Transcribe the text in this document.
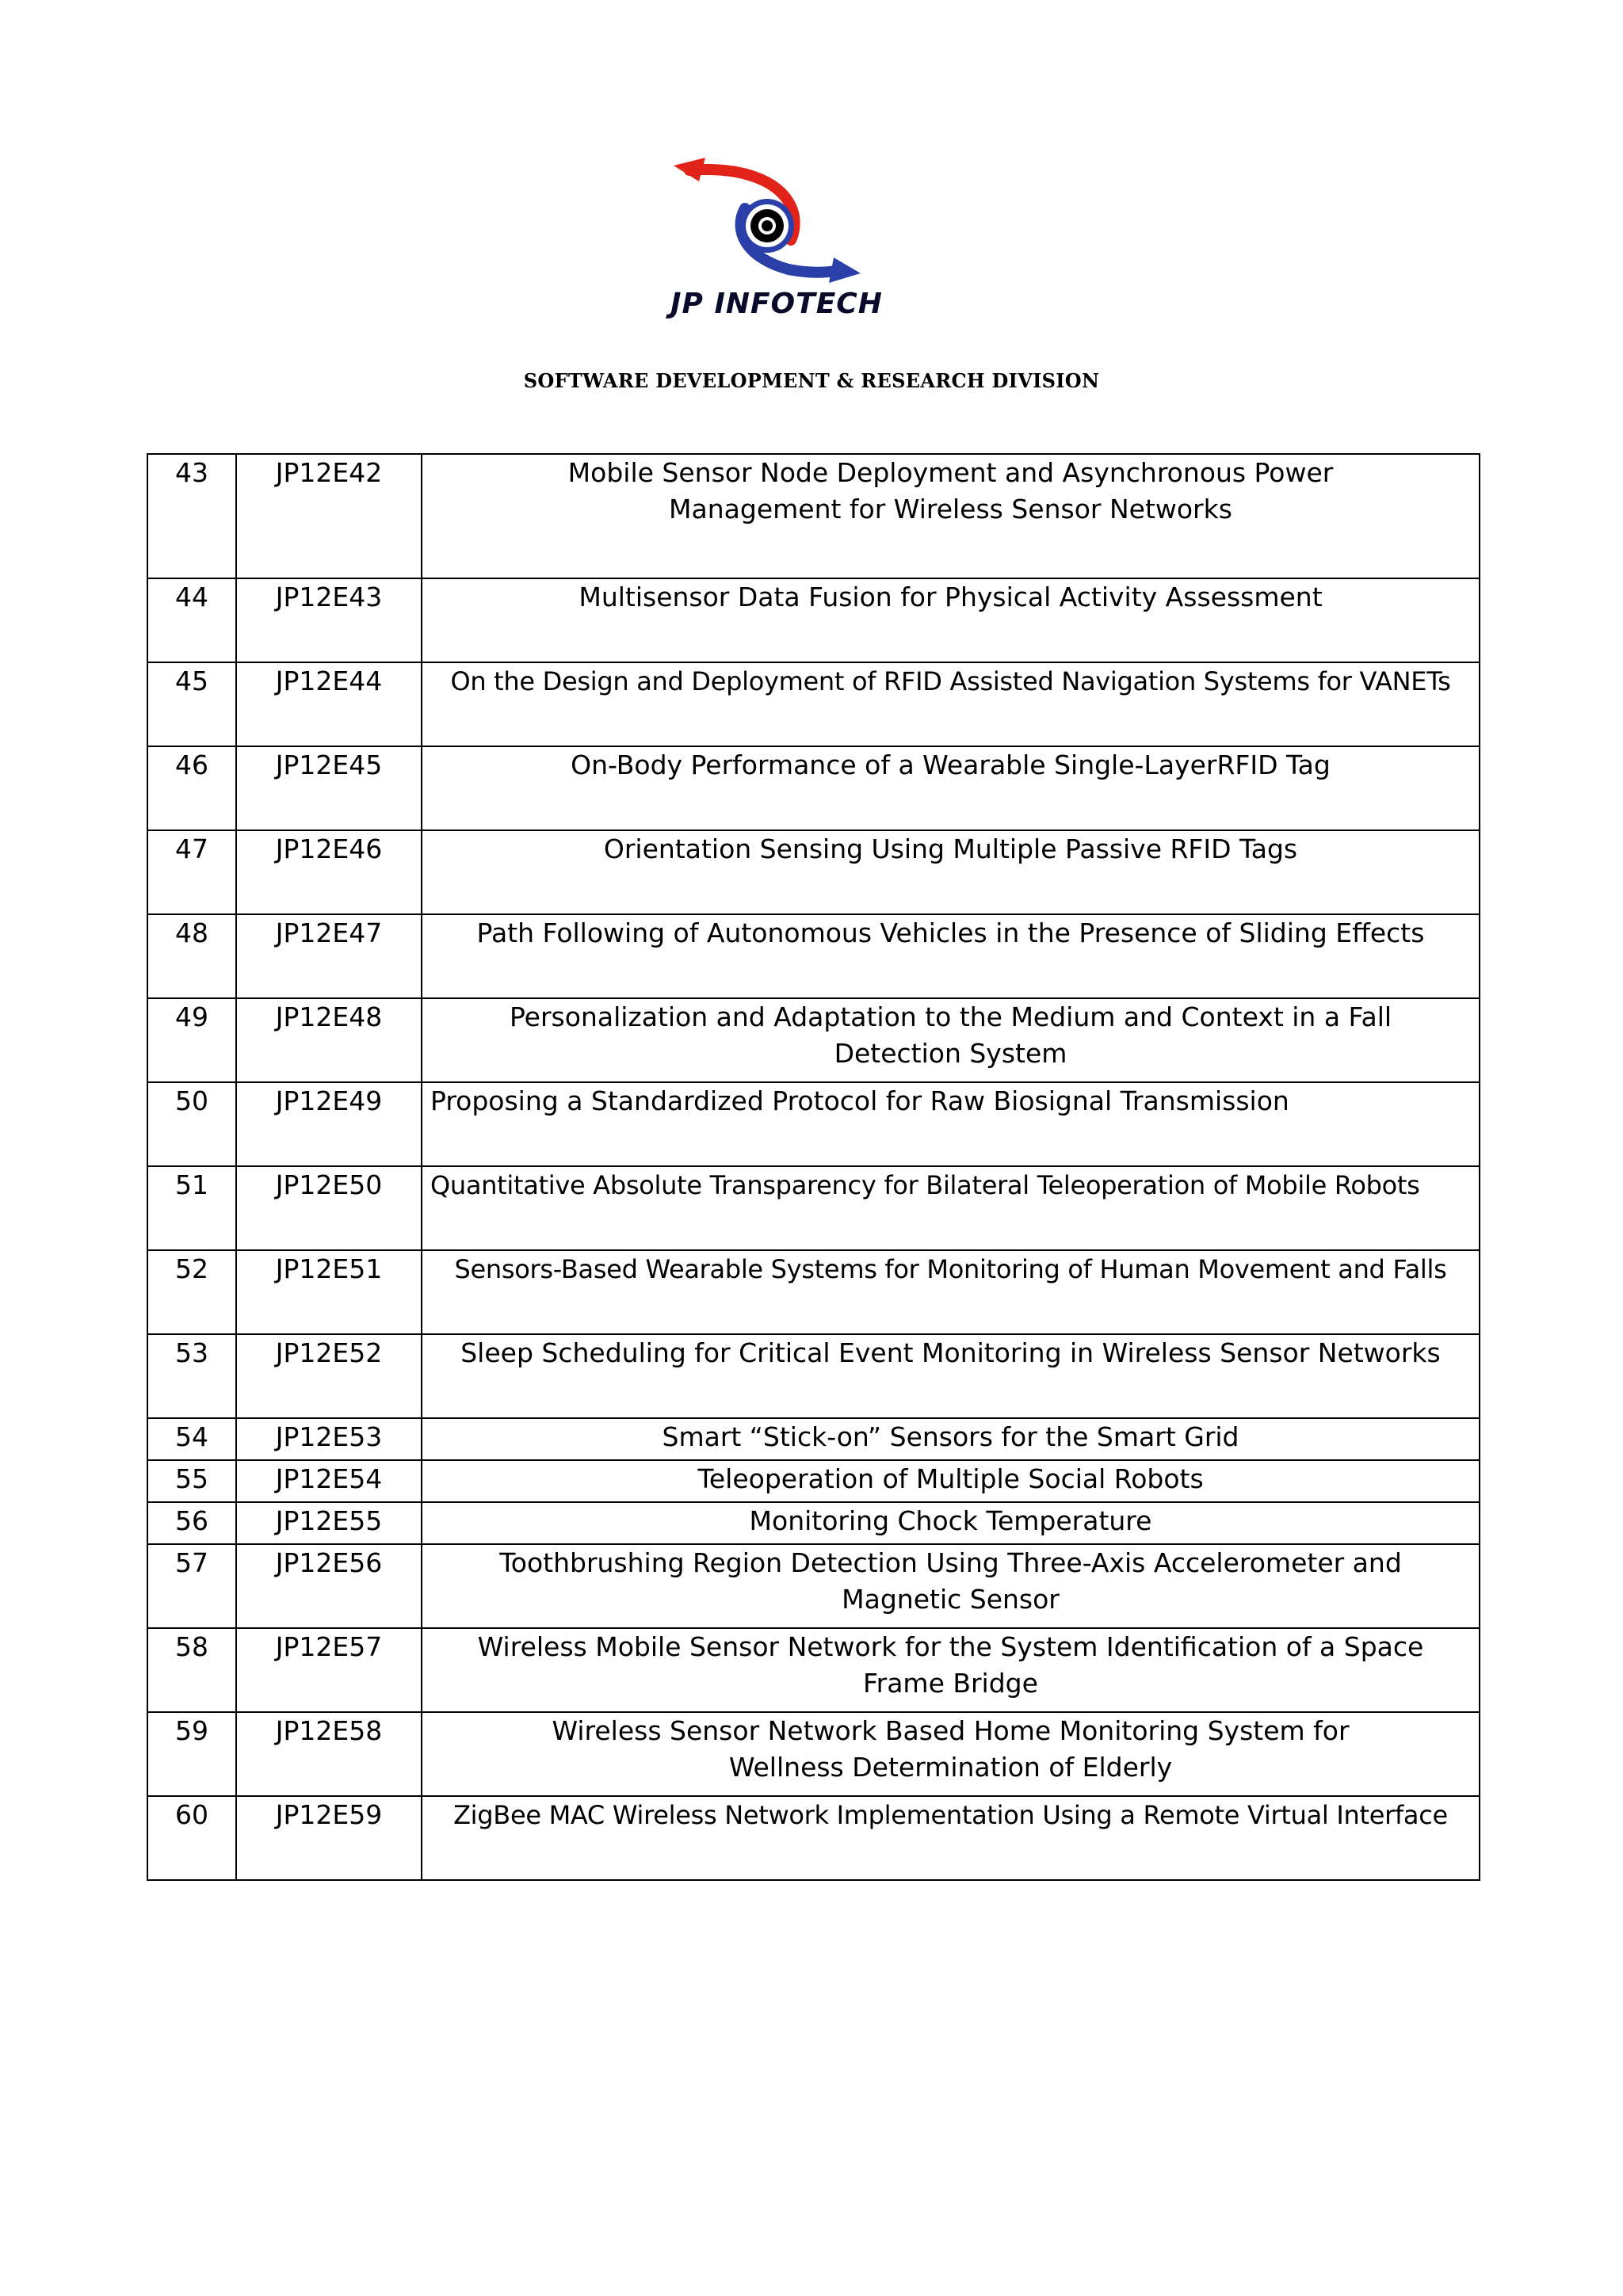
JP INFOTECH
SOFTWARE DEVELOPMENT & RESEARCH DIVISION
43	JP12E42	Mobile Sensor Node Deployment and Asynchronous Power Management for Wireless Sensor Networks

44	JP12E43	Multisensor Data Fusion for Physical Activity Assessment
45	JP12E44	On the Design and Deployment of RFID Assisted Navigation Systems for VANETs
46	JP12E45	On-Body Performance of a Wearable Single-LayerRFID Tag
47	JP12E46	Orientation Sensing Using Multiple Passive RFID Tags
48	JP12E47	Path Following of Autonomous Vehicles in the Presence of Sliding Effects
49	JP12E48	Personalization and Adaptation to the Medium and Context in a Fall Detection System

50	JP12E49	Proposing a Standardized Protocol for Raw Biosignal Transmission
51	JP12E50	Quantitative Absolute Transparency for Bilateral Teleoperation of Mobile Robots
52	JP12E51	Sensors-Based Wearable Systems for Monitoring of Human Movement and Falls
53	JP12E52	Sleep Scheduling for Critical Event Monitoring in Wireless Sensor Networks
54	JP12E53	Smart “Stick-on” Sensors for the Smart Grid
55	JP12E54	Teleoperation of Multiple Social Robots
56	JP12E55	Monitoring Chock Temperature
57	JP12E56	Toothbrushing Region Detection Using Three-Axis Accelerometer and Magnetic Sensor

58	JP12E57	Wireless Mobile Sensor Network for the System Identification of a Space Frame Bridge

59	JP12E58	Wireless Sensor Network Based Home Monitoring System for Wellness Determination of Elderly

60	JP12E59	ZigBee MAC Wireless Network Implementation Using a Remote Virtual Interface
